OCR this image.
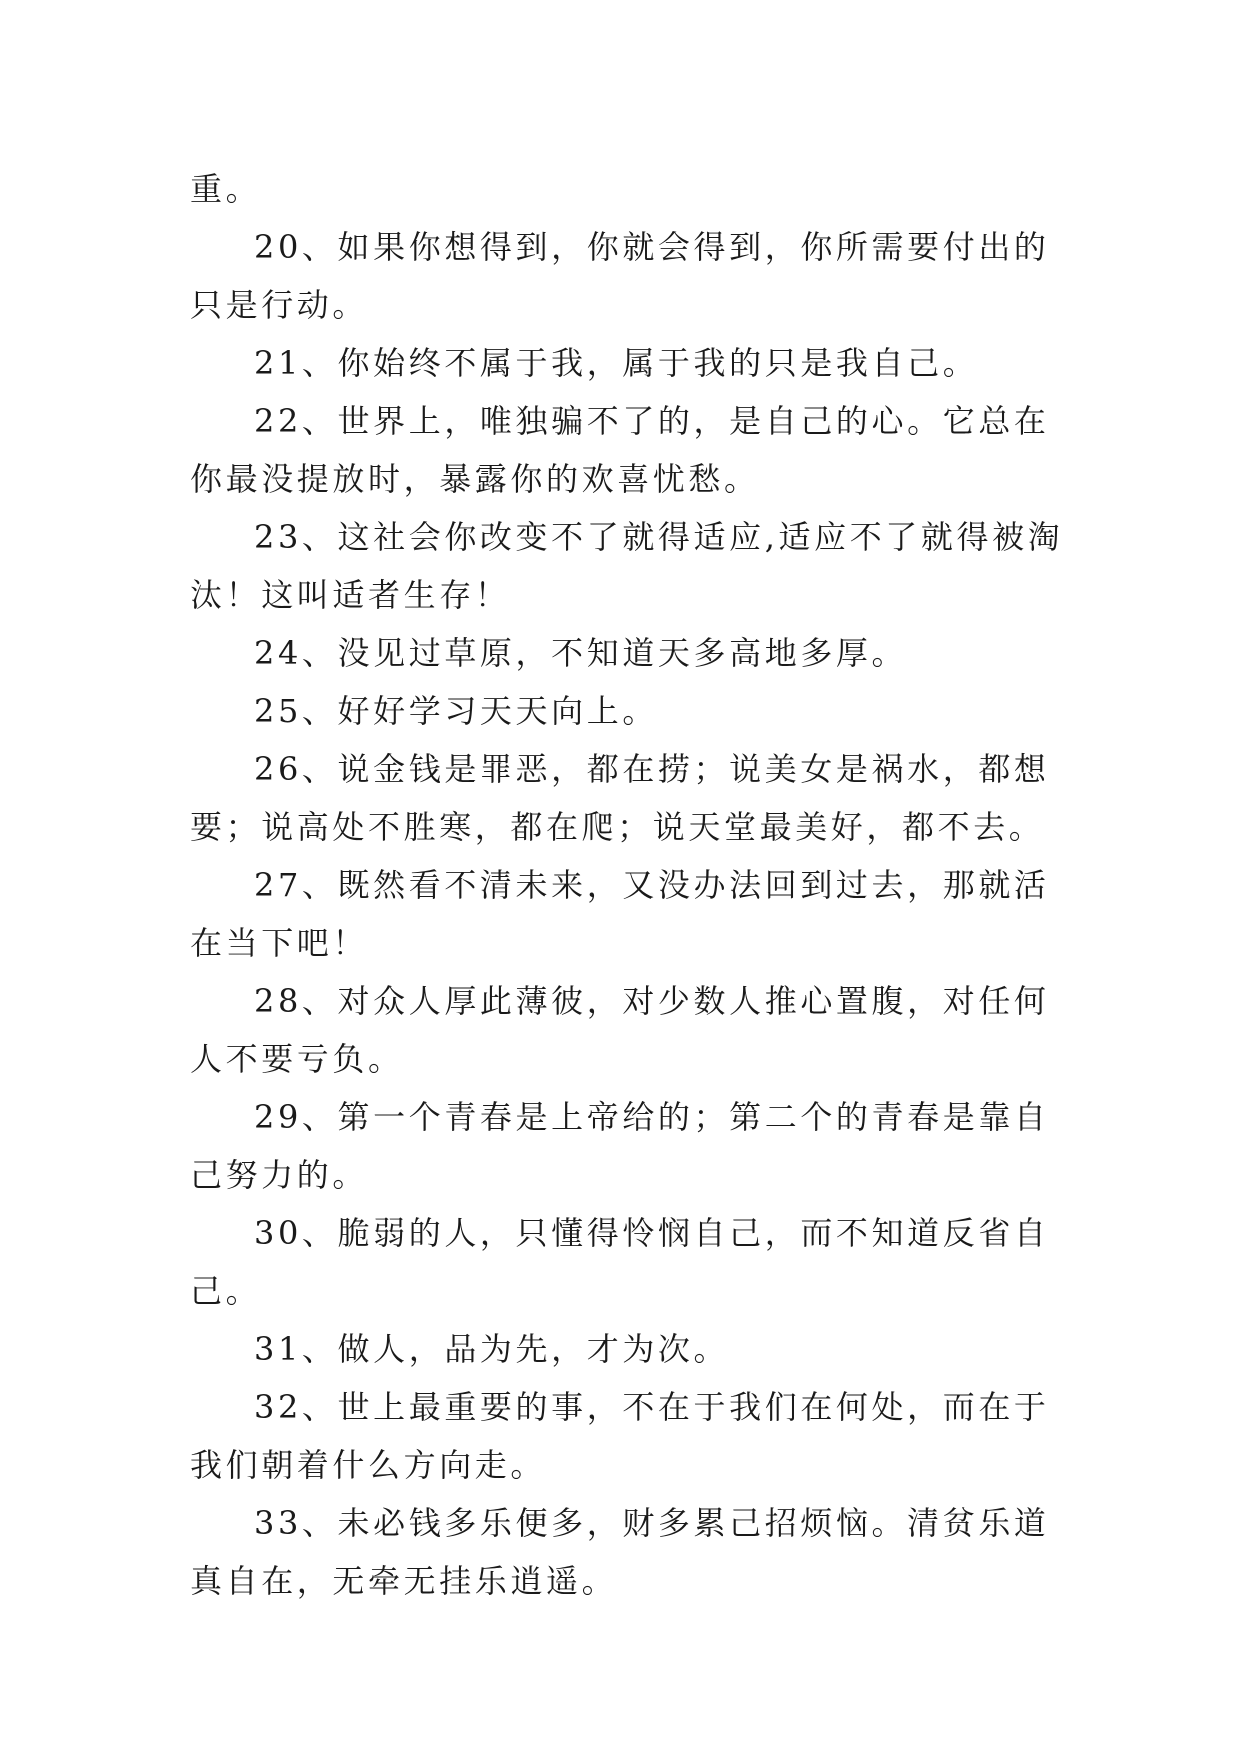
重。

20、如果你想得到，你就会得到，你所需要付出的只是行动。

21、你始终不属于我，属于我的只是我自己。

22、世界上，唯独骗不了的，是自己的心。它总在你最没提放时，暴露你的欢喜忧愁。

23、这社会你改变不了就得适应,适应不了就得被淘汰！这叫适者生存！

24、没见过草原，不知道天多高地多厚。

25、好好学习天天向上。

26、说金钱是罪恶，都在捞；说美女是祸水，都想要；说高处不胜寒，都在爬；说天堂最美好，都不去。

27、既然看不清未来，又没办法回到过去，那就活在当下吧！

28、对众人厚此薄彼，对少数人推心置腹，对任何人不要亏负。

29、第一个青春是上帝给的；第二个的青春是靠自己努力的。

30、脆弱的人，只懂得怜悯自己，而不知道反省自己。

31、做人，品为先，才为次。

32、世上最重要的事，不在于我们在何处，而在于我们朝着什么方向走。

33、未必钱多乐便多，财多累己招烦恼。清贫乐道真自在，无牵无挂乐逍遥。
